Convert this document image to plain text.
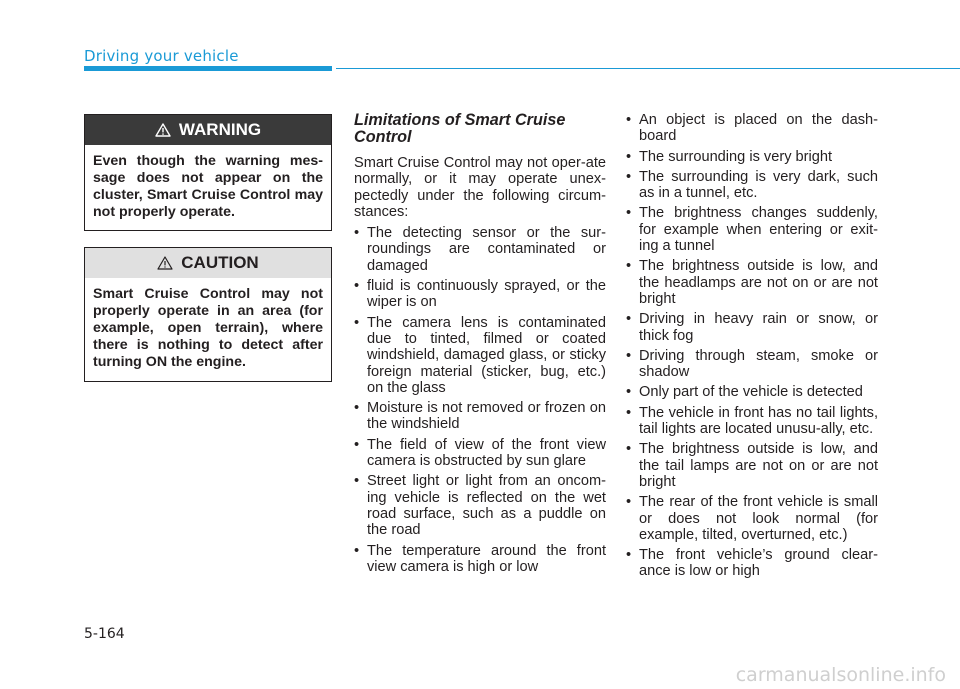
Driving your vehicle
WARNING
Even though the warning mes-sage does not appear on the cluster, Smart Cruise Control may not properly operate.
CAUTION
Smart Cruise Control may not properly operate in an area (for example, open terrain), where there is nothing to detect after turning ON the engine.
Limitations of Smart Cruise Control

Smart Cruise Control may not oper-ate normally, or it may operate unex-pectedly under the following circum-stances:

• The detecting sensor or the sur-roundings are contaminated or damaged
• fluid is continuously sprayed, or the wiper is on
• The camera lens is contaminated due to tinted, filmed or coated windshield, damaged glass, or sticky foreign material (sticker, bug, etc.) on the glass
• Moisture is not removed or frozen on the windshield
• The field of view of the front view camera is obstructed by sun glare
• Street light or light from an oncom-ing vehicle is reflected on the wet road surface, such as a puddle on the road
• The temperature around the front view camera is high or low
• An object is placed on the dash-board
• The surrounding is very bright
• The surrounding is very dark, such as in a tunnel, etc.
• The brightness changes suddenly, for example when entering or exit-ing a tunnel
• The brightness outside is low, and the headlamps are not on or are not bright
• Driving in heavy rain or snow, or thick fog
• Driving through steam, smoke or shadow
• Only part of the vehicle is detected
• The vehicle in front has no tail lights, tail lights are located unusu-ally, etc.
• The brightness outside is low, and the tail lamps are not on or are not bright
• The rear of the front vehicle is small or does not look normal (for example, tilted, overturned, etc.)
• The front vehicle’s ground clear-ance is low or high
5-164
carmanualsonline.info
